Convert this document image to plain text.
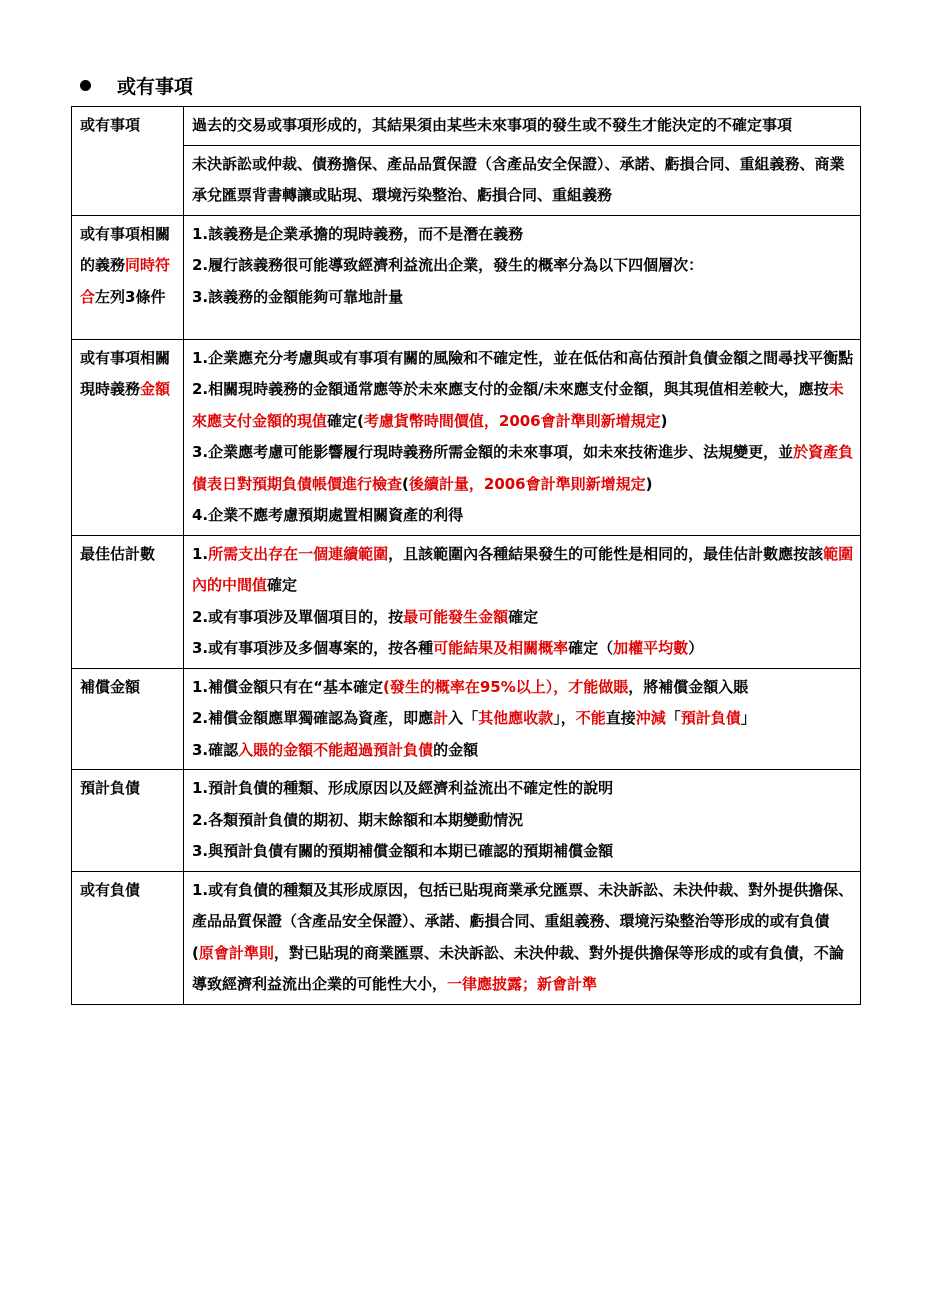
或有事項
或有事項	過去的交易或事項形成的，其結果須由某些未來事項的發生或不發生才能決定的不確定事項
	未決訴訟或仲裁、債務擔保、產品品質保證（含產品安全保證）、承諾、虧損合同、重組義務、商業承兌匯票背書轉讓或貼現、環境污染整治、虧損合同、重組義務
或有事項相關的義務同時符合左列3條件	1.該義務是企業承擔的現時義務，而不是潛在義務
2.履行該義務很可能導致經濟利益流出企業，發生的概率分為以下四個層次：
3.該義務的金額能夠可靠地計量

或有事項相關現時義務金額	1.企業應充分考慮與或有事項有關的風險和不確定性，並在低估和高估預計負債金額之間尋找平衡點
2.相關現時義務的金額通常應等於未來應支付的金額/未來應支付金額，與其現值相差較大，應按未來應支付金額的現值確定(考慮貨幣時間價值，2006會計準則新增規定)
3.企業應考慮可能影響履行現時義務所需金額的未來事項，如未來技術進步、法規變更，並於資產負債表日對預期負債帳價進行檢查(後續計量，2006會計準則新增規定)
4.企業不應考慮預期處置相關資產的利得

最佳估計數	1.所需支出存在一個連續範圍，且該範圍內各種結果發生的可能性是相同的，最佳估計數應按該範圍內的中間值確定
2.或有事項涉及單個項目的，按最可能發生金額確定
3.或有事項涉及多個專案的，按各種可能結果及相關概率確定（加權平均數）

補償金額	1.補償金額只有在“基本確定(發生的概率在95%以上），才能做賬，將補償金額入賬
2.補償金額應單獨確認為資產，即應計入「其他應收款」，不能直接沖減「預計負債」
3.確認入賬的金額不能超過預計負債的金額

預計負債	1.預計負債的種類、形成原因以及經濟利益流出不確定性的說明
2.各類預計負債的期初、期末餘額和本期變動情況
3.與預計負債有關的預期補償金額和本期已確認的預期補償金額

或有負債	1.或有負債的種類及其形成原因，包括已貼現商業承兌匯票、未決訴訟、未決仲裁、對外提供擔保、產品品質保證（含產品安全保證）、承諾、虧損合同、重組義務、環境污染整治等形成的或有負債
(原會計準則，對已貼現的商業匯票、未決訴訟、未決仲裁、對外提供擔保等形成的或有負債，不論導致經濟利益流出企業的可能性大小，一律應披露；新會計準
